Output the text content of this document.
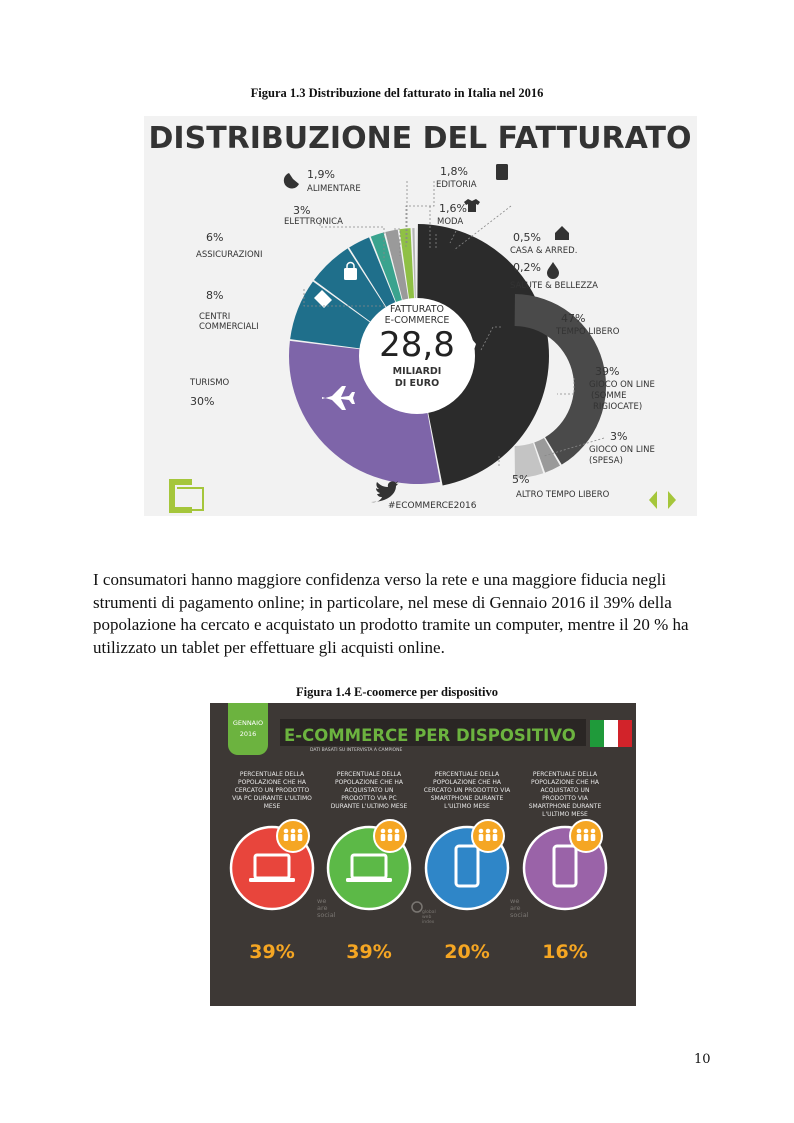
Figura 1.3 Distribuzione del fatturato in Italia nel 2016
DISTRIBUZIONE DEL FATTURATO
FATTURATO
E-COMMERCE
28,8
MILIARDI
DI EURO
1,9%
ALIMENTARE
1,8%
EDITORIA
3%
ELETTRONICA
1,6%
MODA
6%
ASSICURAZIONI
0,5%
CASA & ARRED.
0,2%
SALUTE & BELLEZZA
8%
CENTRI
COMMERCIALI
47%
TEMPO LIBERO
TURISMO
30%
39%
GIOCO ON LINE
(SOMME
RIGIOCATE)
3%
GIOCO ON LINE
(SPESA)
5%
ALTRO TEMPO LIBERO
#ECOMMERCE2016
I consumatori hanno maggiore confidenza verso la rete e una maggiore fiducia negli
strumenti di pagamento online; in particolare, nel mese di Gennaio 2016 il 39% della
popolazione ha cercato e acquistato un prodotto tramite un computer, mentre il 20 % ha
utilizzato un tablet per effettuare gli acquisti online.
Figura 1.4 E-coomerce per dispositivo
GENNAIO
2016 E-COMMERCE PER DISPOSITIVO
DATI BASATI SU INTERVISTA A CAMPIONE
PERCENTUALE DELLA
POPOLAZIONE CHE HA
CERCATO UN PRODOTTO
VIA PC DURANTE L'ULTIMO
MESE
39%
PERCENTUALE DELLA
POPOLAZIONE CHE HA
ACQUISTATO UN
PRODOTTO VIA PC
DURANTE L'ULTIMO MESE
39%
PERCENTUALE DELLA
POPOLAZIONE CHE HA
CERCATO UN PRODOTTO VIA
SMARTPHONE DURANTE
L'ULTIMO MESE
20%
PERCENTUALE DELLA
POPOLAZIONE CHE HA
ACQUISTATO UN
PRODOTTO VIA
SMARTPHONE DURANTE
L'ULTIMO MESE
16%
we
are
social
we
are
social
global
web
index
10
